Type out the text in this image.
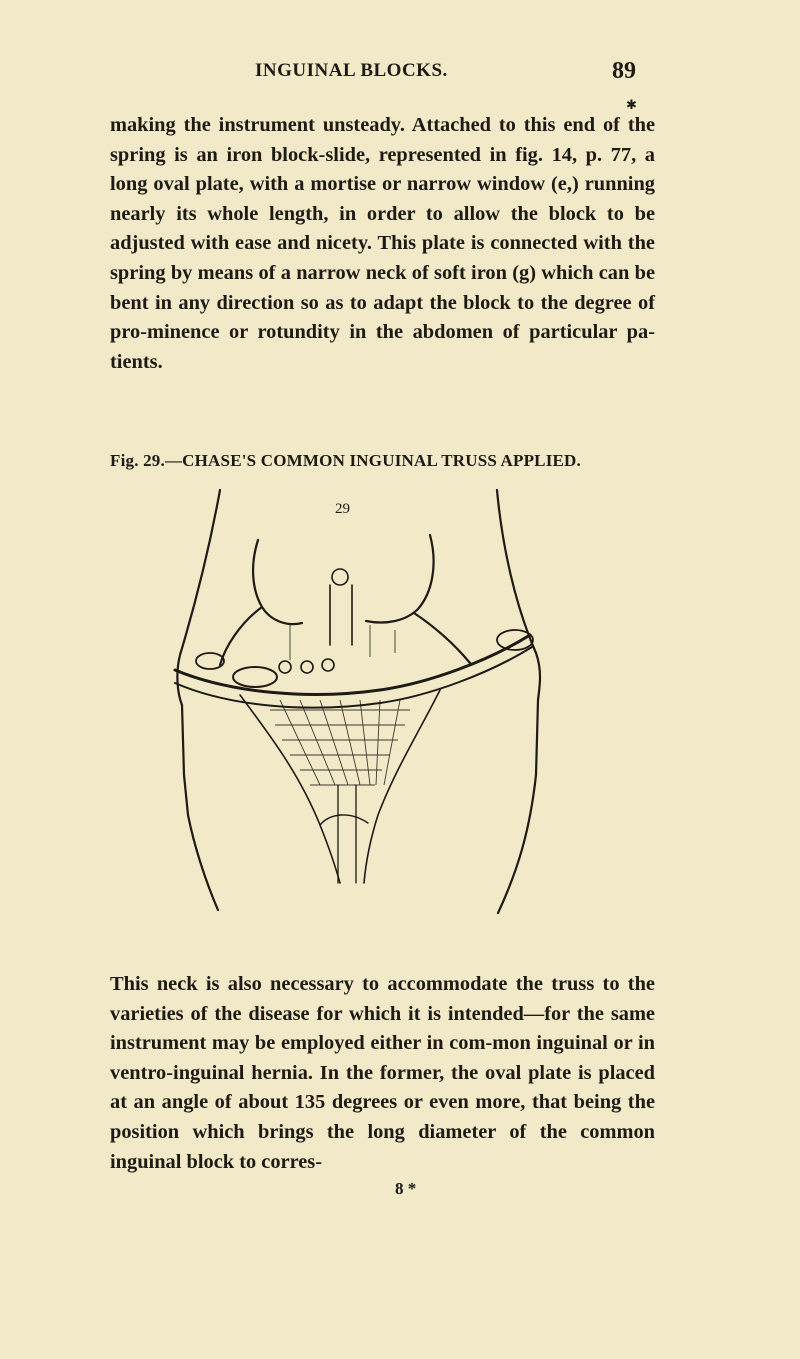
INGUINAL BLOCKS.	89
✱

making the instrument unsteady. Attached to this end of the spring is an iron block-slide, represented in fig. 14, p. 77, a long oval plate, with a mortise or narrow window (e,) running nearly its whole length, in order to allow the block to be adjusted with ease and nicety. This plate is connected with the spring by means of a narrow neck of soft iron (g) which can be bent in any direction so as to adapt the block to the degree of pro-minence or rotundity in the abdomen of particular pa-tients.

Fig. 29.—CHASE'S COMMON INGUINAL TRUSS APPLIED.
29

This neck is also necessary to accommodate the truss to the varieties of the disease for which it is intended—for the same instrument may be employed either in com-mon inguinal or in ventro-inguinal hernia. In the former, the oval plate is placed at an angle of about 135 degrees or even more, that being the position which brings the long diameter of the common inguinal block to corres-

8 *
